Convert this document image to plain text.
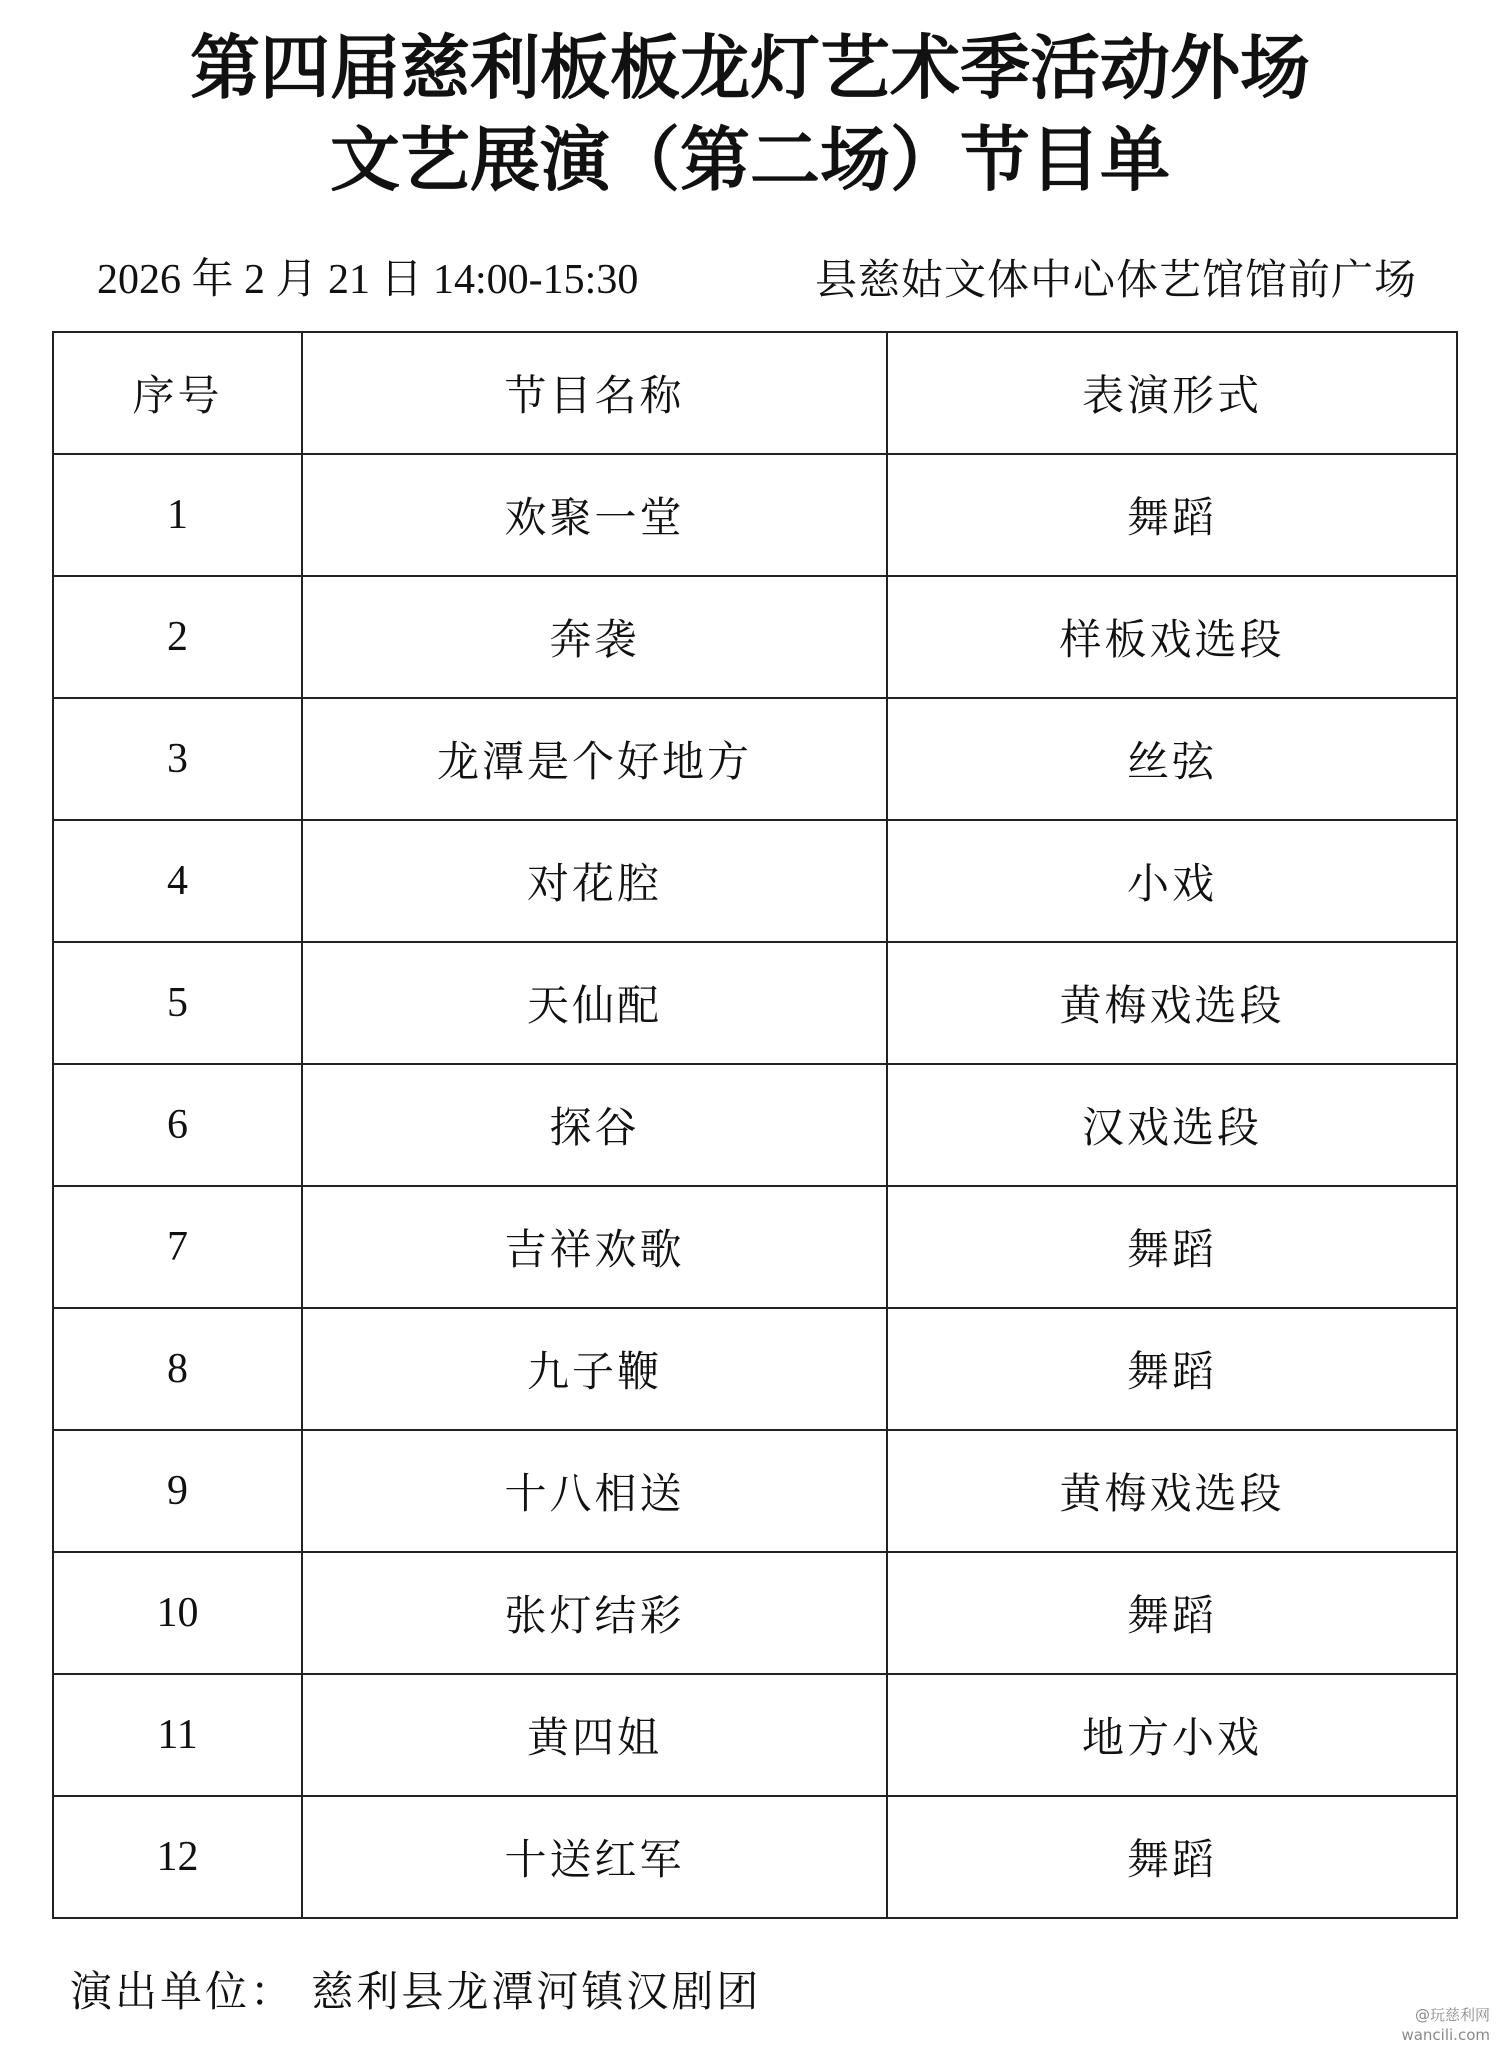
第四届慈利板板龙灯艺术季活动外场
文艺展演（第二场）节目单
2026 年 2 月 21 日 14:00-15:30	县慈姑文体中心体艺馆馆前广场
序号	节目名称	表演形式
1	欢聚一堂	舞蹈
2	奔袭	样板戏选段
3	龙潭是个好地方	丝弦
4	对花腔	小戏
5	天仙配	黄梅戏选段
6	探谷	汉戏选段
7	吉祥欢歌	舞蹈
8	九子鞭	舞蹈
9	十八相送	黄梅戏选段
10	张灯结彩	舞蹈
11	黄四姐	地方小戏
12	十送红军	舞蹈
演出单位： 慈利县龙潭河镇汉剧团	@玩慈利网
wancili.com
